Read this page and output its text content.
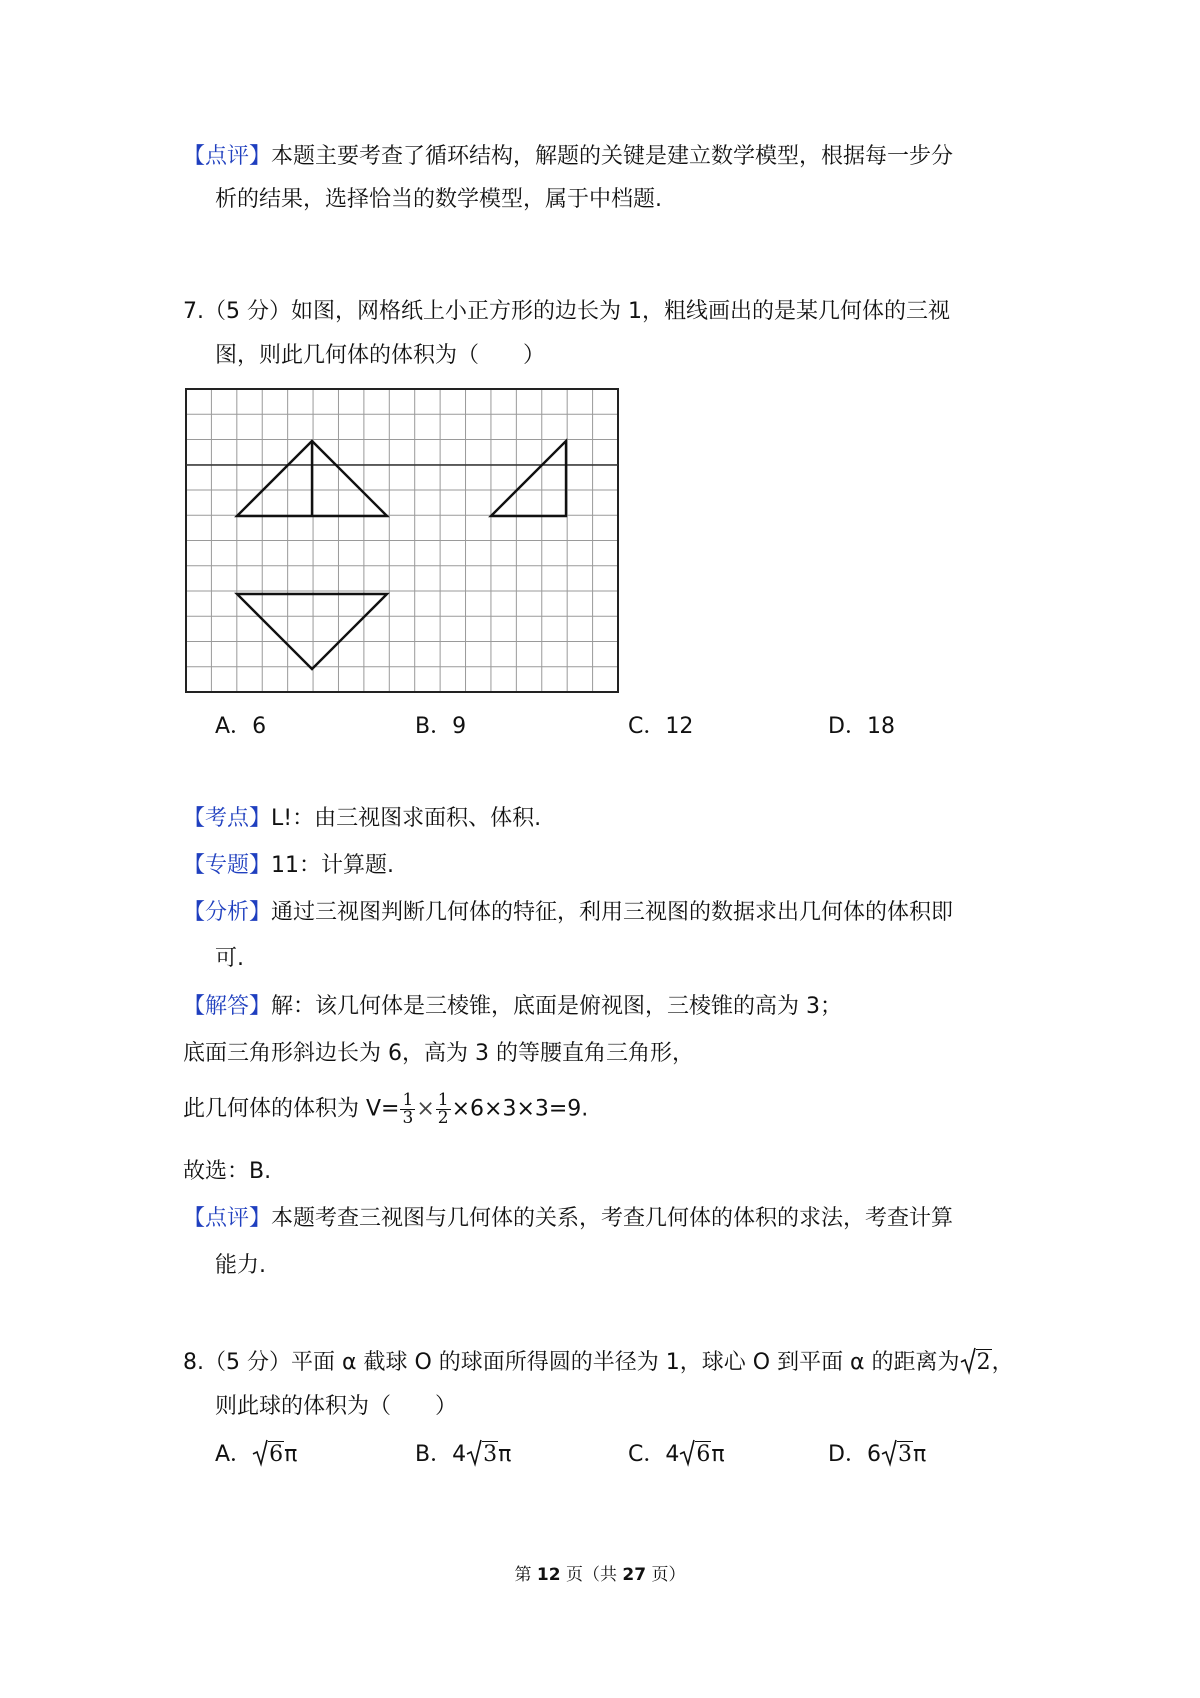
【点评】本题主要考查了循环结构，解题的关键是建立数学模型，根据每一步分
析的结果，选择恰当的数学模型，属于中档题.
7.（5 分）如图，网格纸上小正方形的边长为 1，粗线画出的是某几何体的三视
图，则此几何体的体积为（　　）
A．6	B．9	C．12	D．18
【考点】L!：由三视图求面积、体积.
【专题】11：计算题.
【分析】通过三视图判断几何体的特征，利用三视图的数据求出几何体的体积即
可.
【解答】解：该几何体是三棱锥，底面是俯视图，三棱锥的高为 3；
底面三角形斜边长为 6，高为 3 的等腰直角三角形，
此几何体的体积为 $V= \frac{1}{3} \times \frac{1}{2} \times 6\times 3\times 3=9$.
故选：B.
【点评】本题考查三视图与几何体的关系，考查几何体的体积的求法，考查计算
能力.
8.（5 分）平面 α 截球 O 的球面所得圆的半径为 1，球心 O 到平面 α 的距离为 2，
则此球的体积为（　　）
A． 6π	B．4 3π	C．4 6π	D．6 3π
第 12 页（共 27 页）
